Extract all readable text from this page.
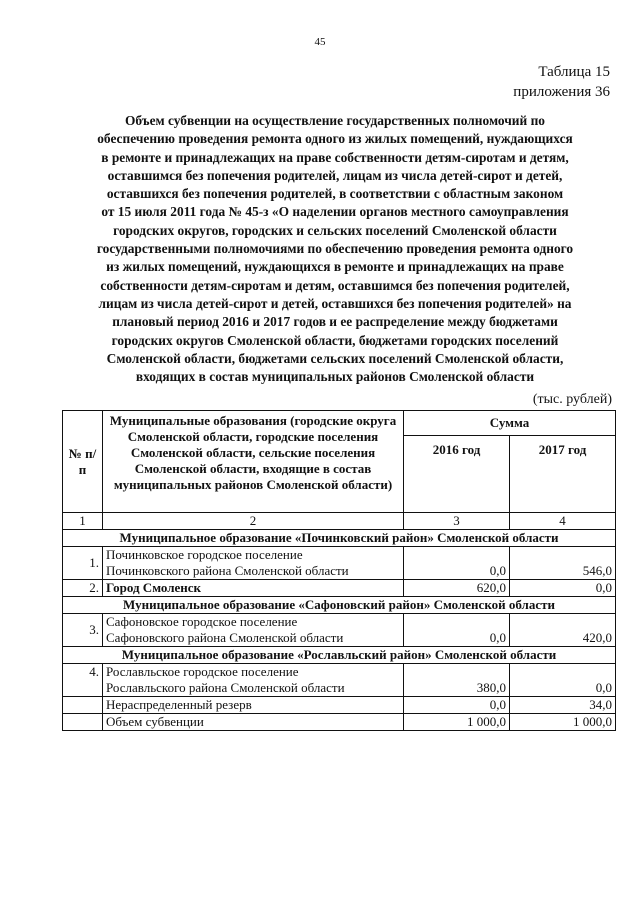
45
Таблица 15
приложения 36
Объем субвенции на осуществление государственных полномочий по
обеспечению проведения ремонта одного из жилых помещений, нуждающихся
в ремонте и принадлежащих на праве собственности детям-сиротам и детям,
оставшимся без попечения родителей, лицам из числа детей-сирот и детей,
оставшихся без попечения родителей, в соответствии с областным законом
от 15 июля 2011 года № 45-з «О наделении органов местного самоуправления
городских округов, городских и сельских поселений Смоленской области
государственными полномочиями по обеспечению проведения ремонта одного
из жилых помещений, нуждающихся в ремонте и принадлежащих на праве
собственности детям-сиротам и детям, оставшимся без попечения родителей,
лицам из числа детей-сирот и детей, оставшихся без попечения родителей» на
плановый период 2016 и 2017 годов и ее распределение между бюджетами
городских округов Смоленской области, бюджетами городских поселений
Смоленской области, бюджетами сельских поселений Смоленской области,
входящих в состав муниципальных районов Смоленской области
(тыс. рублей)
№ п/п	Муниципальные образования (городские округа Смоленской области, городские поселения Смоленской области, сельские поселения Смоленской области, входящие в состав муниципальных районов Смоленской области)	Сумма	
		2016 год	2017 год
1	2	3	4
Муниципальное образование «Починковский район» Смоленской области			
1.	Починковское городское поселение
Починковского района Смоленской области	0,0	546,0
2.	Город Смоленск	620,0	0,0
Муниципальное образование «Сафоновский район» Смоленской области			
3.	Сафоновское городское поселение
Сафоновского района Смоленской области	0,0	420,0
Муниципальное образование «Рославльский район» Смоленской области			
4.	Рославльское городское поселение
Рославльского района Смоленской области	380,0	0,0
	Нераспределенный резерв	0,0	34,0
	Объем субвенции	1 000,0	1 000,0
